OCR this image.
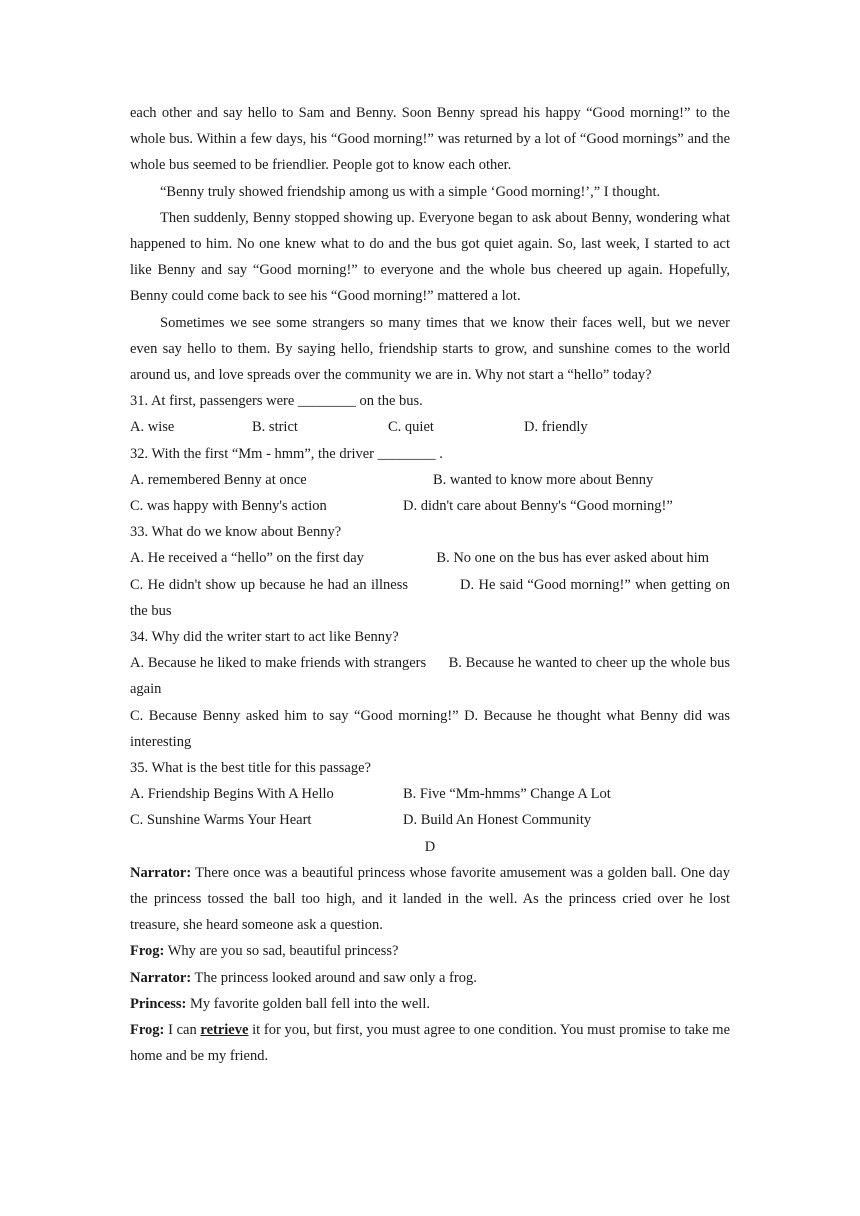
each other and say hello to Sam and Benny. Soon Benny spread his happy “Good morning!” to the whole bus. Within a few days, his “Good morning!” was returned by a lot of “Good mornings” and the whole bus seemed to be friendlier. People got to know each other.

“Benny truly showed friendship among us with a simple ‘Good morning!’,” I thought.

Then suddenly, Benny stopped showing up. Everyone began to ask about Benny, wondering what happened to him. No one knew what to do and the bus got quiet again. So, last week, I started to act like Benny and say “Good morning!” to everyone and the whole bus cheered up again. Hopefully, Benny could come back to see his “Good morning!” mattered a lot.

Sometimes we see some strangers so many times that we know their faces well, but we never even say hello to them. By saying hello, friendship starts to grow, and sunshine comes to the world around us, and love spreads over the community we are in. Why not start a “hello” today?

31. At first, passengers were ________ on the bus.

A. wise	B. strict	C. quiet	D. friendly

32. With the first “Mm - hmm”, the driver ________ .

A. remembered Benny at once	B. wanted to know more about Benny
C. was happy with Benny's action	D. didn't care about Benny's “Good morning!”

33. What do we know about Benny?

A. He received a “hello” on the first day                    B. No one on the bus has ever asked about him

C. He didn't show up because he had an illness            D. He said “Good morning!” when getting on the bus

34. Why did the writer start to act like Benny?

A. Because he liked to make friends with strangers      B. Because he wanted to cheer up the whole bus again

C. Because Benny asked him to say “Good morning!” D. Because he thought what Benny did was interesting

35. What is the best title for this passage?

A. Friendship Begins With A Hello	B. Five “Mm-hmms” Change A Lot
C. Sunshine Warms Your Heart	D. Build An Honest Community

D

Narrator: There once was a beautiful princess whose favorite amusement was a golden ball. One day the princess tossed the ball too high, and it landed in the well. As the princess cried over he lost treasure, she heard someone ask a question.

Frog: Why are you so sad, beautiful princess?

Narrator: The princess looked around and saw only a frog.

Princess: My favorite golden ball fell into the well.

Frog: I can retrieve it for you, but first, you must agree to one condition. You must promise to take me home and be my friend.
